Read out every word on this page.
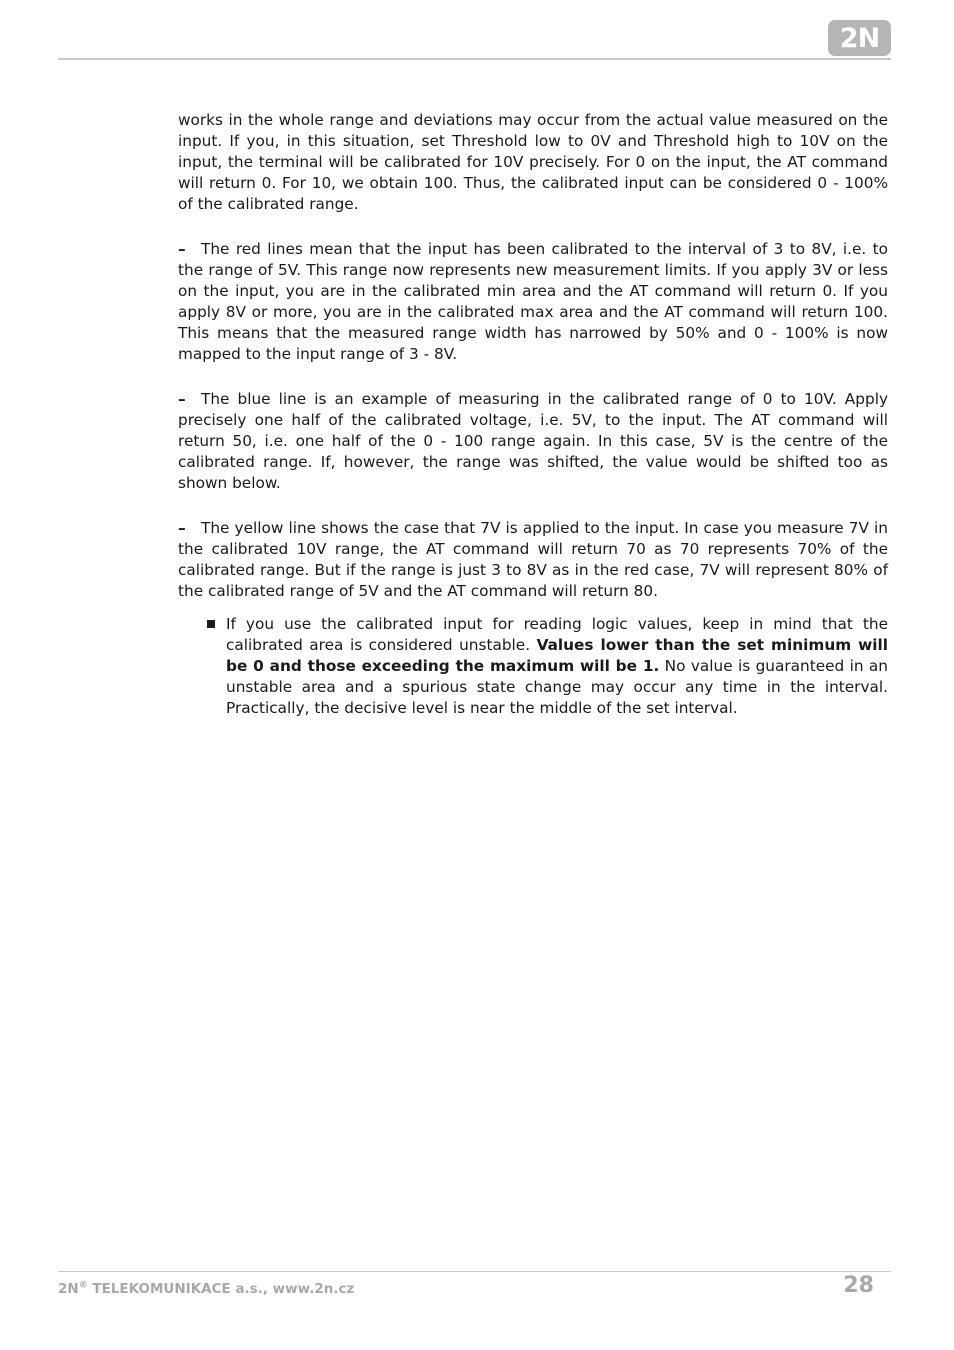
2N

works in the whole range and deviations may occur from the actual value measured on the input. If you, in this situation, set Threshold low to 0V and Threshold high to 10V on the input, the terminal will be calibrated for 10V precisely. For 0 on the input, the AT command will return 0. For 10, we obtain 100. Thus, the calibrated input can be considered 0 - 100% of the calibrated range.

– The red lines mean that the input has been calibrated to the interval of 3 to 8V, i.e. to the range of 5V. This range now represents new measurement limits. If you apply 3V or less on the input, you are in the calibrated min area and the AT command will return 0. If you apply 8V or more, you are in the calibrated max area and the AT command will return 100. This means that the measured range width has narrowed by 50% and 0 - 100% is now mapped to the input range of 3 - 8V.

– The blue line is an example of measuring in the calibrated range of 0 to 10V. Apply precisely one half of the calibrated voltage, i.e. 5V, to the input. The AT command will return 50, i.e. one half of the 0 - 100 range again. In this case, 5V is the centre of the calibrated range. If, however, the range was shifted, the value would be shifted too as shown below.

– The yellow line shows the case that 7V is applied to the input. In case you measure 7V in the calibrated 10V range, the AT command will return 70 as 70 represents 70% of the calibrated range. But if the range is just 3 to 8V as in the red case, 7V will represent 80% of the calibrated range of 5V and the AT command will return 80.

If you use the calibrated input for reading logic values, keep in mind that the calibrated area is considered unstable. Values lower than the set minimum will be 0 and those exceeding the maximum will be 1. No value is guaranteed in an unstable area and a spurious state change may occur any time in the interval. Practically, the decisive level is near the middle of the set interval.
2N® TELEKOMUNIKACE a.s., www.2n.cz	28
